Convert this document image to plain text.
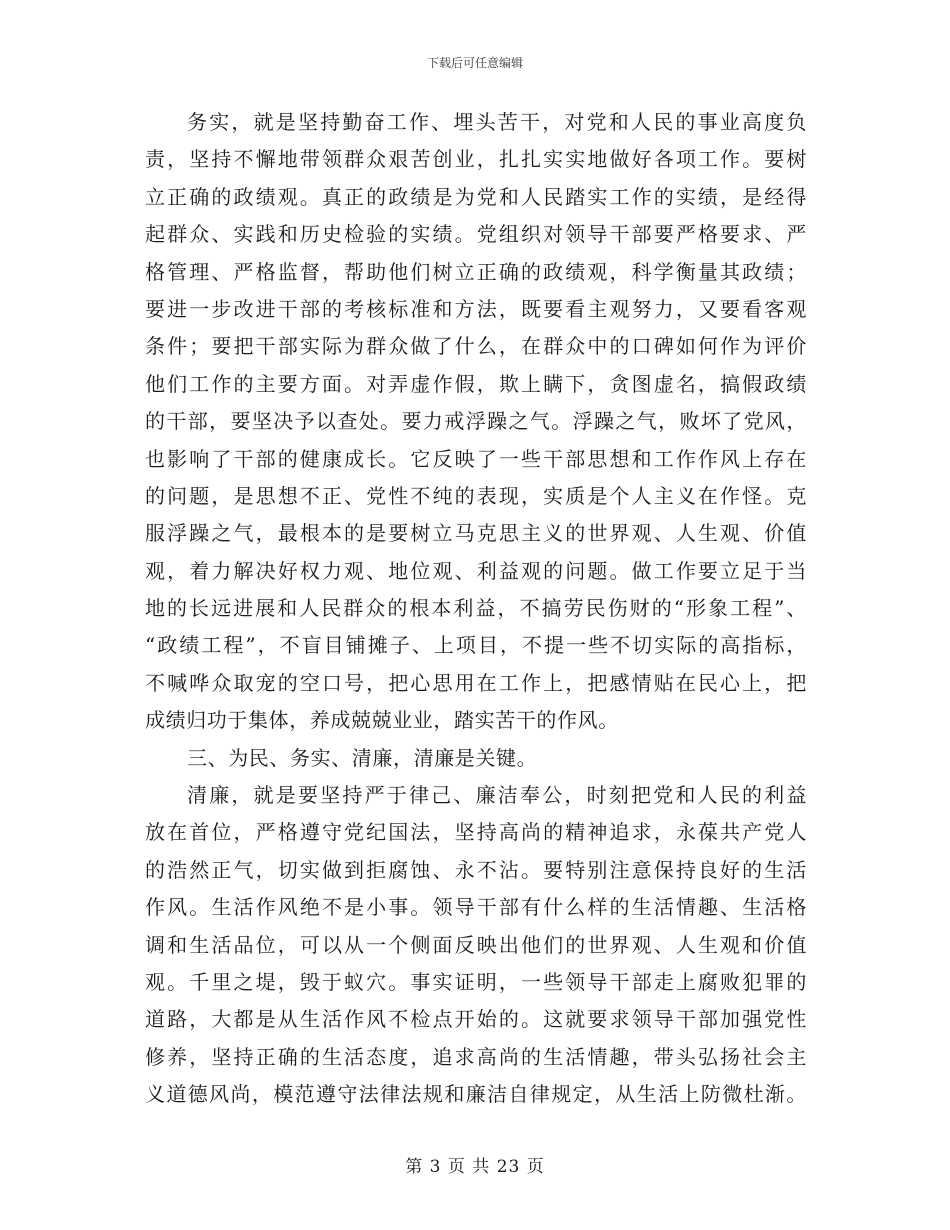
下载后可任意编辑
务实，就是坚持勤奋工作、埋头苦干，对党和人民的事业高度负
责，坚持不懈地带领群众艰苦创业，扎扎实实地做好各项工作。要树
立正确的政绩观。真正的政绩是为党和人民踏实工作的实绩，是经得
起群众、实践和历史检验的实绩。党组织对领导干部要严格要求、严
格管理、严格监督，帮助他们树立正确的政绩观，科学衡量其政绩；
要进一步改进干部的考核标准和方法，既要看主观努力，又要看客观
条件；要把干部实际为群众做了什么，在群众中的口碑如何作为评价
他们工作的主要方面。对弄虚作假，欺上瞒下，贪图虚名，搞假政绩
的干部，要坚决予以查处。要力戒浮躁之气。浮躁之气，败坏了党风，
也影响了干部的健康成长。它反映了一些干部思想和工作作风上存在
的问题，是思想不正、党性不纯的表现，实质是个人主义在作怪。克
服浮躁之气，最根本的是要树立马克思主义的世界观、人生观、价值
观，着力解决好权力观、地位观、利益观的问题。做工作要立足于当
地的长远进展和人民群众的根本利益，不搞劳民伤财的“形象工程”、
“政绩工程”，不盲目铺摊子、上项目，不提一些不切实际的高指标，
不喊哗众取宠的空口号，把心思用在工作上，把感情贴在民心上，把
成绩归功于集体，养成兢兢业业，踏实苦干的作风。
三、为民、务实、清廉，清廉是关键。
清廉，就是要坚持严于律己、廉洁奉公，时刻把党和人民的利益
放在首位，严格遵守党纪国法，坚持高尚的精神追求，永葆共产党人
的浩然正气，切实做到拒腐蚀、永不沾。要特别注意保持良好的生活
作风。生活作风绝不是小事。领导干部有什么样的生活情趣、生活格
调和生活品位，可以从一个侧面反映出他们的世界观、人生观和价值
观。千里之堤，毁于蚁穴。事实证明，一些领导干部走上腐败犯罪的
道路，大都是从生活作风不检点开始的。这就要求领导干部加强党性
修养，坚持正确的生活态度，追求高尚的生活情趣，带头弘扬社会主
义道德风尚，模范遵守法律法规和廉洁自律规定，从生活上防微杜渐。
第 3 页 共 23 页
